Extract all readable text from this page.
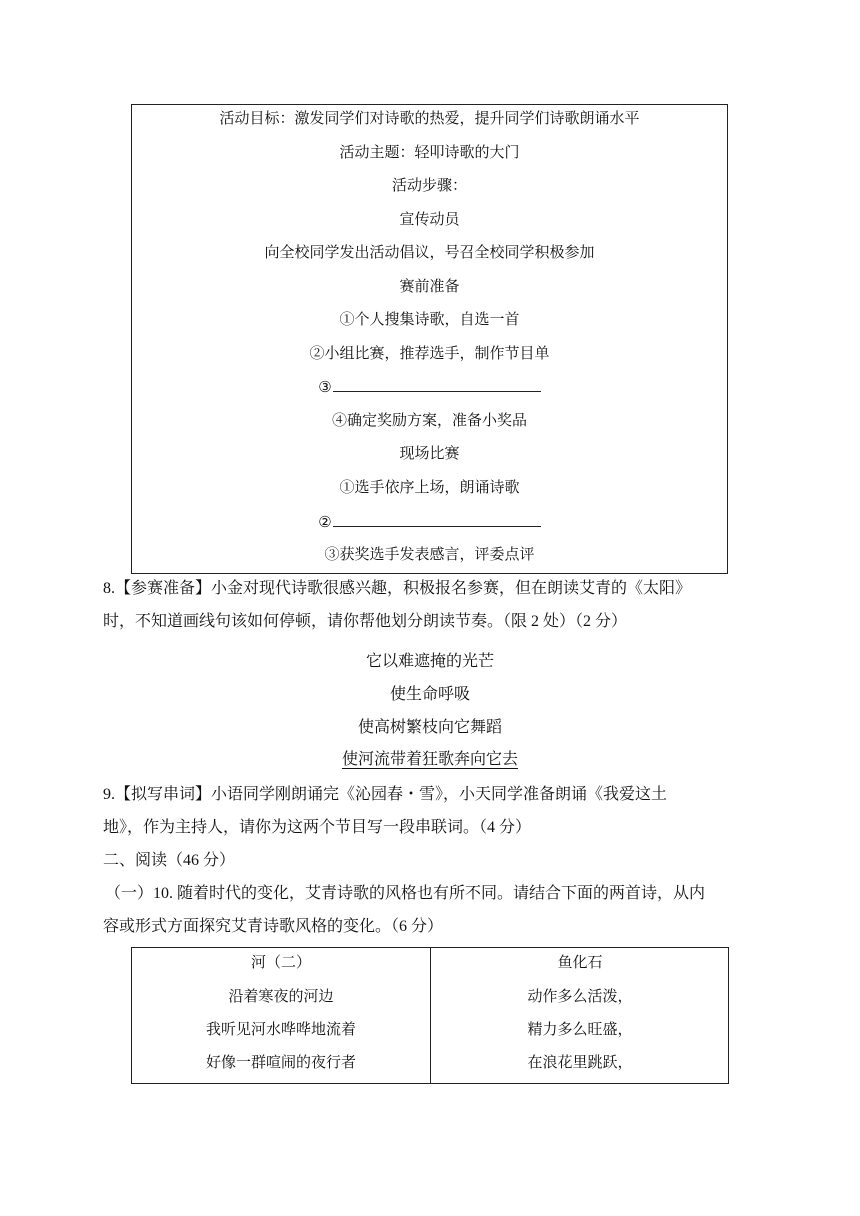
活动目标：激发同学们对诗歌的热爱，提升同学们诗歌朗诵水平
活动主题：轻叩诗歌的大门
活动步骤：
宣传动员
向全校同学发出活动倡议，号召全校同学积极参加
赛前准备
①个人搜集诗歌，自选一首
②小组比赛，推荐选手，制作节目单
③
④确定奖励方案，准备小奖品
现场比赛
①选手依序上场，朗诵诗歌
②
③获奖选手发表感言，评委点评
8.【参赛准备】小金对现代诗歌很感兴趣，积极报名参赛，但在朗读艾青的《太阳》
时，不知道画线句该如何停顿，请你帮他划分朗读节奏。（限 2 处）（2 分）
它以难遮掩的光芒
使生命呼吸
使高树繁枝向它舞蹈
使河流带着狂歌奔向它去
9.【拟写串词】小语同学刚朗诵完《沁园春・雪》，小天同学准备朗诵《我爱这土
地》，作为主持人，请你为这两个节目写一段串联词。（4 分）
二、阅读（46 分）
（一）10. 随着时代的变化，艾青诗歌的风格也有所不同。请结合下面的两首诗，从内
容或形式方面探究艾青诗歌风格的变化。（6 分）
河（二）
沿着寒夜的河边
我听见河水哗哗地流着
好像一群喧闹的夜行者
鱼化石
动作多么活泼，
精力多么旺盛，
在浪花里跳跃，
